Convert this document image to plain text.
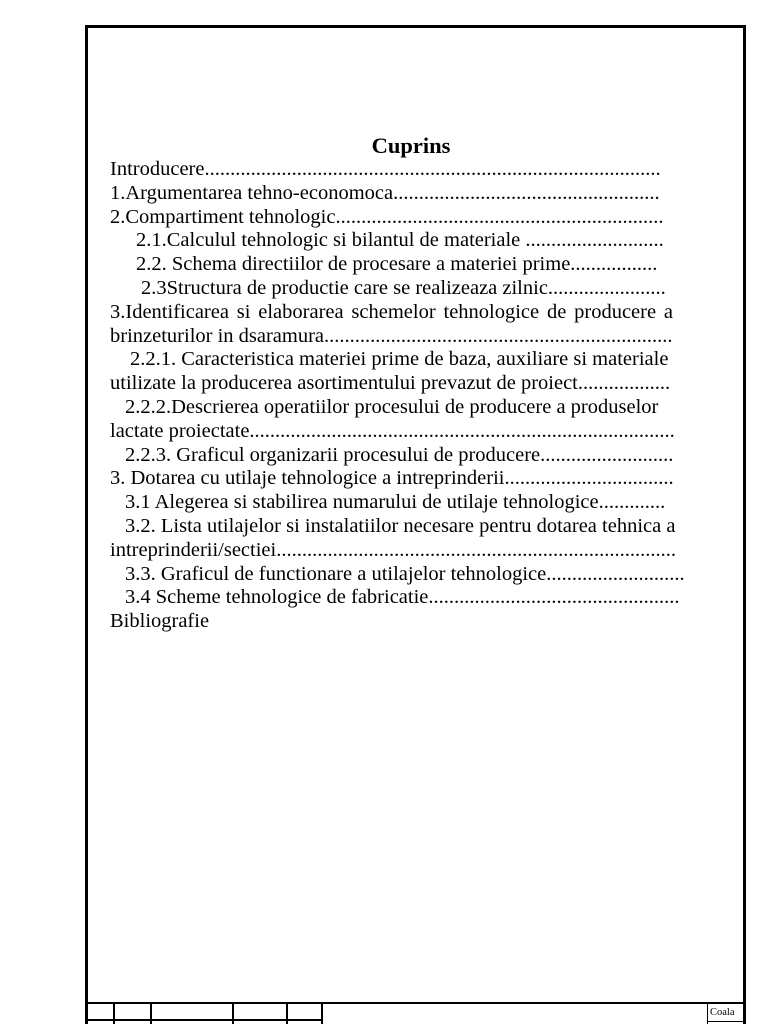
Cuprins
Introducere.........................................................................................
1.Argumentarea tehno-economoca....................................................
2.Compartiment tehnologic................................................................
2.1.Calculul tehnologic si bilantul de materiale ...........................
2.2. Schema directiilor de procesare a materiei prime.................
2.3Structura de productie care se realizeaza zilnic.......................
3.Identificarea si elaborarea schemelor tehnologice de producere a
brinzeturilor in dsaramura....................................................................
2.2.1. Caracteristica materiei prime de baza, auxiliare si materiale
utilizate la producerea asortimentului prevazut de proiect..................
2.2.2.Descrierea operatiilor procesului de producere a produselor
lactate proiectate...................................................................................
2.2.3. Graficul organizarii procesului de producere..........................
3. Dotarea cu utilaje tehnologice a intreprinderii.................................
3.1 Alegerea si stabilirea numarului de utilaje tehnologice.............
3.2. Lista utilajelor si instalatiilor necesare pentru dotarea tehnica a
intreprinderii/sectiei..............................................................................
3.3. Graficul de functionare a utilajelor tehnologice...........................
3.4 Scheme tehnologice de fabricatie.................................................
Bibliografie
Coala
